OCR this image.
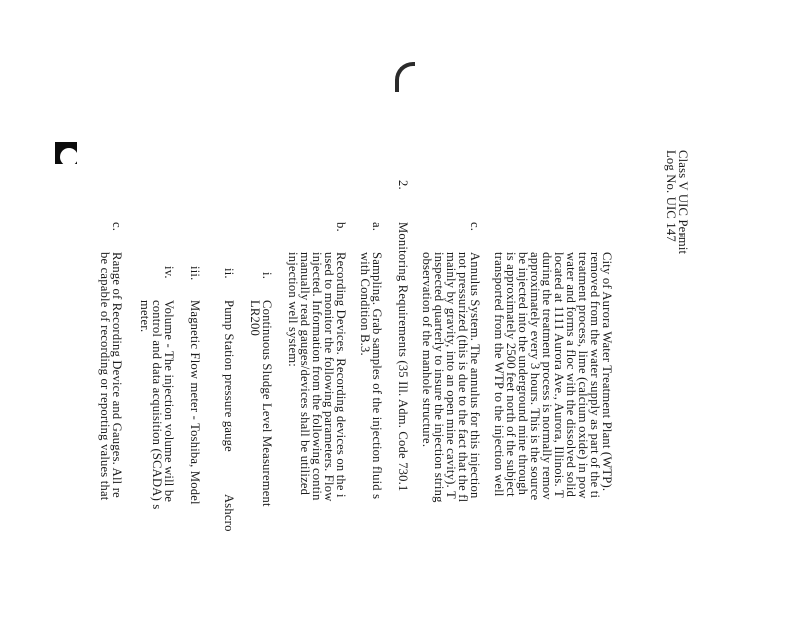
Class V UIC Permit
Log No. UIC 147
City of Aurora Water Treatment Plant (WTP).
removed from the water supply as part of the ti
treatment process, lime (calcium oxide) in pow
water and forms a floc with the dissolved solid
located at 1111 Aurora Ave., Aurora, Illinois. T
during the treatment process is normally remov
approximately every 3 hours. This is the source
be injected into the underground mine through
is approximately 2500 feet north of the subject
transported from the WTP to the injection well
c.
Annulus System. The annulus for this injection
not pressurized (this is due to the fact that the fl
mainly by gravity, into an open mine cavity). T
inspected quarterly to insure the injection string
observation of the manhole structure.
2.
Monitoring Requirements (35 Ill. Adm. Code 730.1
a.
Sampling. Grab samples of the injection fluid s
with Condition B.3.
b.
Recording Devices. Recording devices on the i
used to monitor the following parameters. Flow
injected. Information from the following contin
manually read gauges/devices shall be utilized
injection well system:
i.
Continuous Sludge Level Measurement
LR200
ii.
Pump Station pressure gauge
Ashcro
iii.
Magnetic Flow meter - Toshiba, Model
iv.
Volume - The injection volume will be
control and data acquisition (SCADA) s
meter.
c.
Range of Recording Device and Gauges. All re
be capable of recording or reporting values that
